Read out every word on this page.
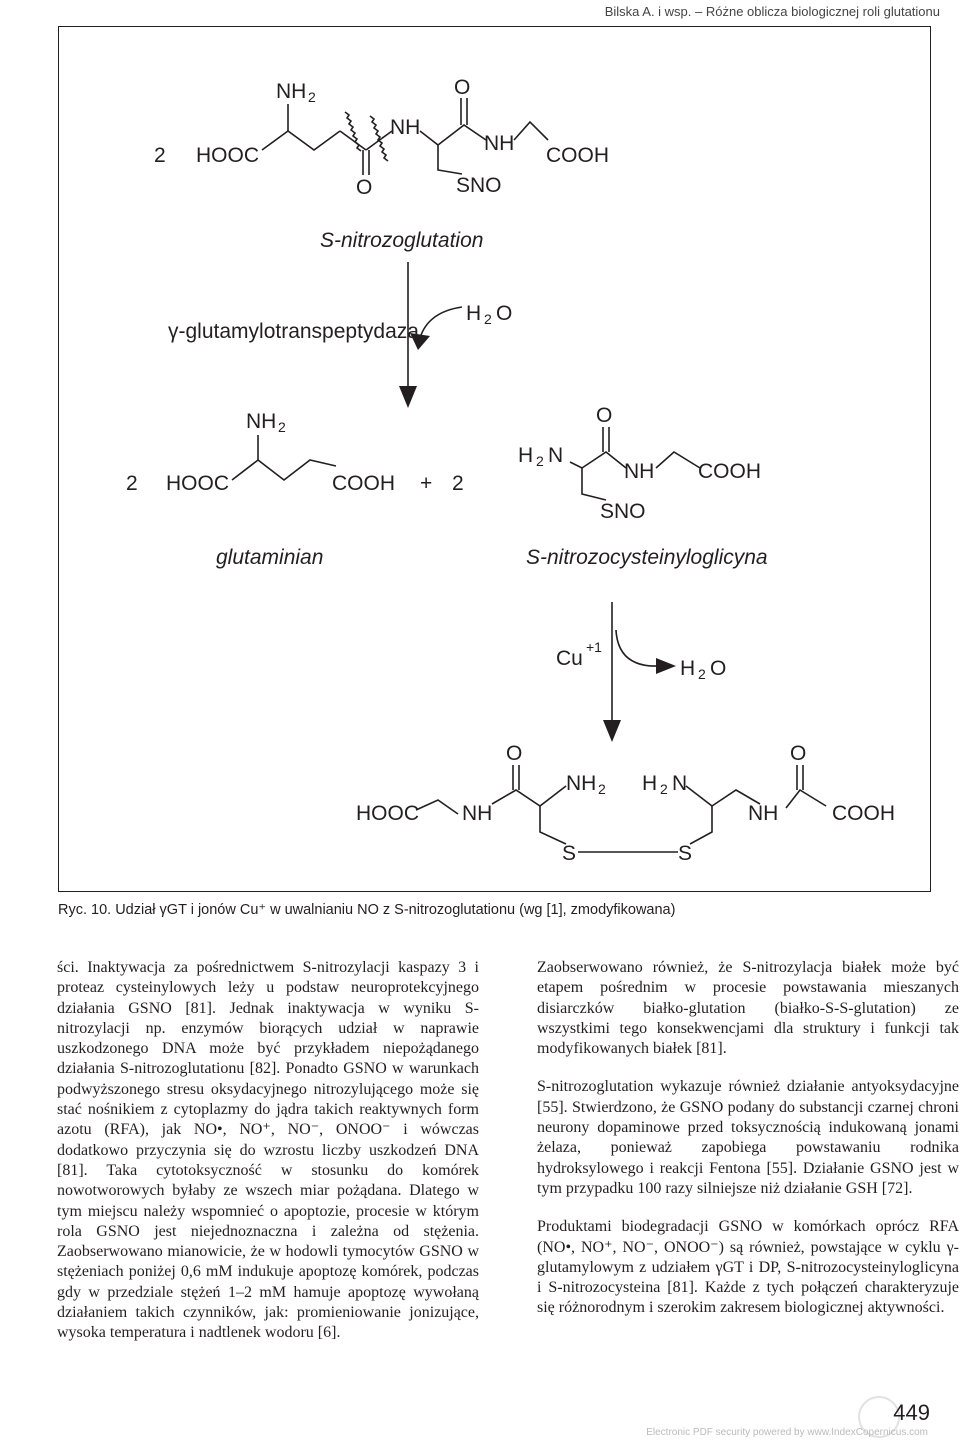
Bilska A. i wsp. – Różne oblicza biologicznej roli glutationu
2 HOOC
NH 2
O
NH
O
NH
COOH
SNO
S-nitrozoglutation
γ-glutamylotranspeptydaza
H 2 O
2 HOOC
NH 2
COOH + 2
glutaminian
H 2 N
O
NH COOH
SNO
S-nitrozocysteinyloglicyna
Cu +1
H 2 O
HOOC NH
O
NH 2 H 2 N
NH
O
COOH
S	S
Ryc. 10. Udział γGT i jonów Cu⁺ w uwalnianiu NO z S-nitrozoglutationu (wg [1], zmodyfikowana)

ści. Inaktywacja za pośrednictwem S-nitrozylacji kaspazy 3 i proteaz cysteinylowych leży u podstaw neuroprotekcyjnego działania GSNO [81]. Jednak inaktywacja w wyniku S-nitrozylacji np. enzymów biorących udział w naprawie uszkodzonego DNA może być przykładem niepożądanego działania S-nitrozoglutationu [82]. Ponadto GSNO w warunkach podwyższonego stresu oksydacyjnego nitrozylującego może się stać nośnikiem z cytoplazmy do jądra takich reaktywnych form azotu (RFA), jak NO•, NO⁺, NO⁻, ONOO⁻ i wówczas dodatkowo przyczynia się do wzrostu liczby uszkodzeń DNA [81]. Taka cytotoksyczność w stosunku do komórek nowotworowych byłaby ze wszech miar pożądana. Dlatego w tym miejscu należy wspomnieć o apoptozie, procesie w którym rola GSNO jest niejednoznaczna i zależna od stężenia. Zaobserwowano mianowicie, że w hodowli tymocytów GSNO w stężeniach poniżej 0,6 mM indukuje apoptozę komórek, podczas gdy w przedziale stężeń 1–2 mM hamuje apoptozę wywołaną działaniem takich czynników, jak: promieniowanie jonizujące, wysoka temperatura i nadtlenek wodoru [6].

Zaobserwowano również, że S-nitrozylacja białek może być etapem pośrednim w procesie powstawania mieszanych disiarczków białko-glutation (białko-S-S-glutation) ze wszystkimi tego konsekwencjami dla struktury i funkcji tak modyfikowanych białek [81].

S-nitrozoglutation wykazuje również działanie antyoksydacyjne [55]. Stwierdzono, że GSNO podany do substancji czarnej chroni neurony dopaminowe przed toksycznością indukowaną jonami żelaza, ponieważ zapobiega powstawaniu rodnika hydroksylowego i reakcji Fentona [55]. Działanie GSNO jest w tym przypadku 100 razy silniejsze niż działanie GSH [72].

Produktami biodegradacji GSNO w komórkach oprócz RFA (NO•, NO⁺, NO⁻, ONOO⁻) są również, powstające w cyklu γ-glutamylowym z udziałem γGT i DP, S-nitrozocysteinyloglicyna i S-nitrozocysteina [81]. Każde z tych połączeń charakteryzuje się różnorodnym i szerokim zakresem biologicznej aktywności.

449
Electronic PDF security powered by www.IndexCopernicus.com
